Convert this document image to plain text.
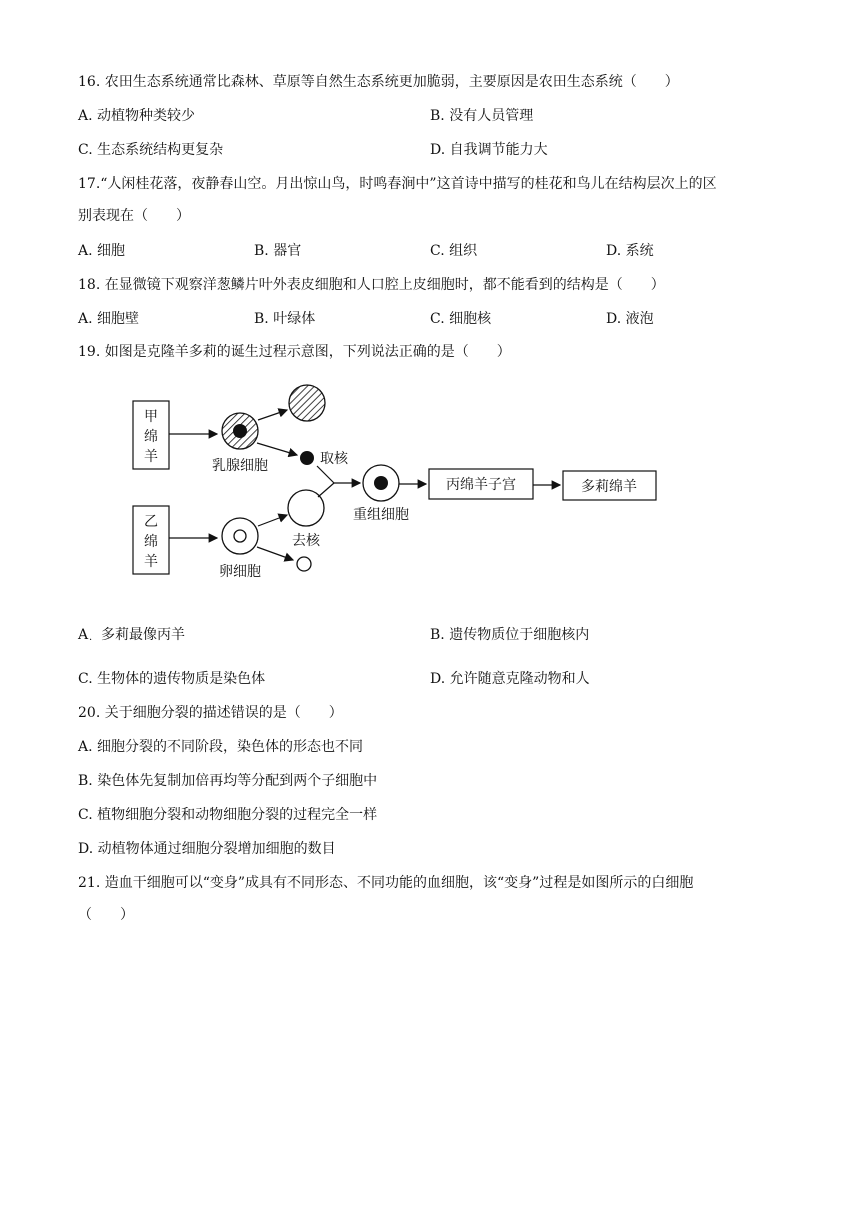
16. 农田生态系统通常比森林、草原等自然生态系统更加脆弱，主要原因是农田生态系统（　　）
A. 动植物种类较少	B. 没有人员管理
C. 生态系统结构更复杂	D. 自我调节能力大
17.“人闲桂花落，夜静春山空。月出惊山鸟，时鸣春涧中”这首诗中描写的桂花和鸟儿在结构层次上的区
别表现在（　　）
A. 细胞	B. 器官	C. 组织	D. 系统
18. 在显微镜下观察洋葱鳞片叶外表皮细胞和人口腔上皮细胞时，都不能看到的结构是（　　）
A. 细胞壁	B. 叶绿体	C. 细胞核	D. 液泡
19. 如图是克隆羊多莉的诞生过程示意图，下列说法正确的是（　　）
甲
绵
羊
乙
绵
羊
乳腺细胞	取核
卵细胞
去核
重组细胞
丙绵羊子宫	多莉绵羊
A · 多莉最像丙羊	B. 遗传物质位于细胞核内
C. 生物体的遗传物质是染色体	D. 允许随意克隆动物和人
20. 关于细胞分裂的描述错误的是（　　）
A. 细胞分裂的不同阶段，染色体的形态也不同
B. 染色体先复制加倍再均等分配到两个子细胞中
C. 植物细胞分裂和动物细胞分裂的过程完全一样
D. 动植物体通过细胞分裂增加细胞的数目
21. 造血干细胞可以“变身”成具有不同形态、不同功能的血细胞，该“变身”过程是如图所示的白细胞
（　　）
